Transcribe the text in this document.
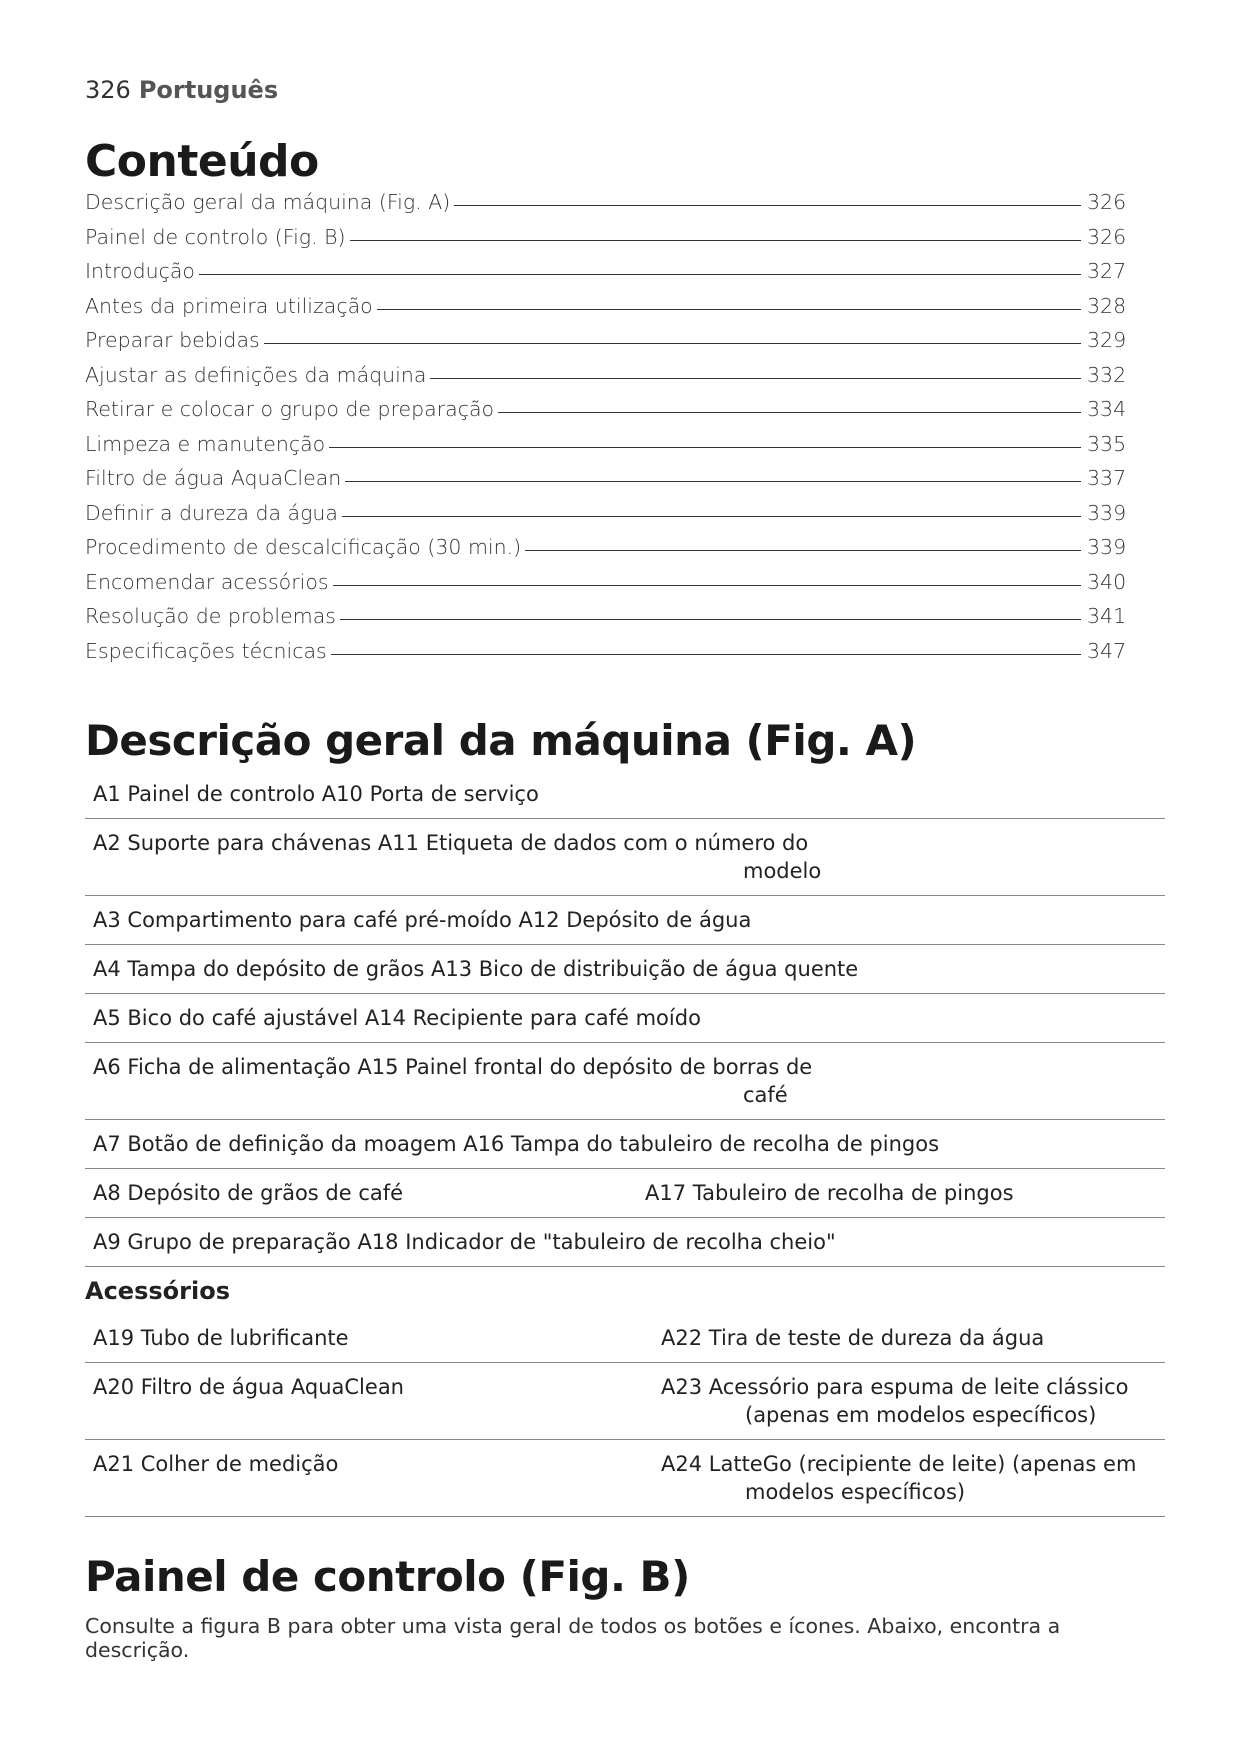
326 Português
Conteúdo
Descrição geral da máquina (Fig. A)	326
Painel de controlo (Fig. B)	326
Introdução	327
Antes da primeira utilização	328
Preparar bebidas	329
Ajustar as definições da máquina	332
Retirar e colocar o grupo de preparação	334
Limpeza e manutenção	335
Filtro de água AquaClean	337
Definir a dureza da água	339
Procedimento de descalcificação (30 min.)	339
Encomendar acessórios	340
Resolução de problemas	341
Especificações técnicas	347
Descrição geral da máquina (Fig. A)
A1 Painel de controlo A10 Porta de serviço
A2 Suporte para chávenas A11 Etiqueta de dados com o número do
modelo
A3 Compartimento para café pré-moído A12 Depósito de água
A4 Tampa do depósito de grãos A13 Bico de distribuição de água quente
A5 Bico do café ajustável A14 Recipiente para café moído
A6 Ficha de alimentação A15 Painel frontal do depósito de borras de
café
A7 Botão de definição da moagem A16 Tampa do tabuleiro de recolha de pingos
A8 Depósito de grãos de café	A17 Tabuleiro de recolha de pingos
A9 Grupo de preparação A18 Indicador de "tabuleiro de recolha cheio"
Acessórios
A19 Tubo de lubrificante	A22 Tira de teste de dureza da água
A20 Filtro de água AquaClean	A23 Acessório para espuma de leite clássico
(apenas em modelos específicos)
A21 Colher de medição	A24 LatteGo (recipiente de leite) (apenas em
modelos específicos)
Painel de controlo (Fig. B)
Consulte a figura B para obter uma vista geral de todos os botões e ícones. Abaixo, encontra a descrição.
